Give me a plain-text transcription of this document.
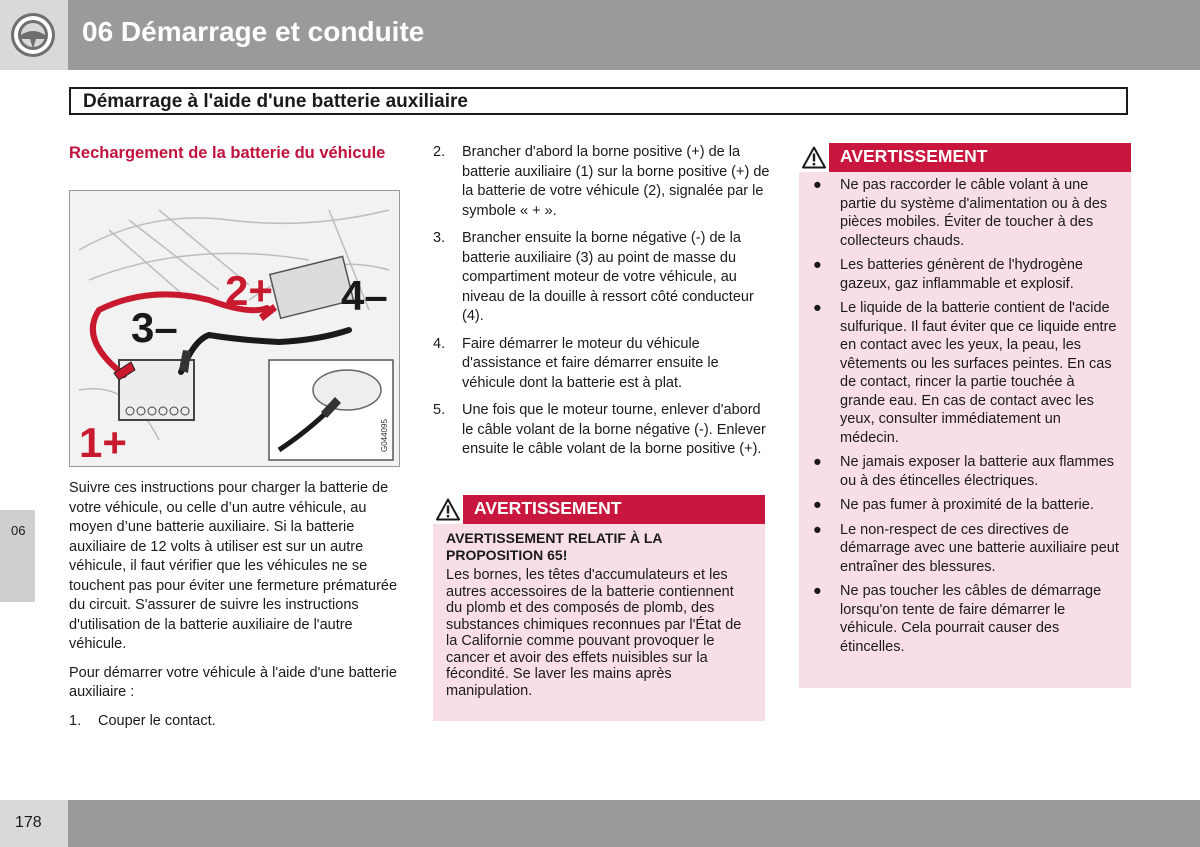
06 Démarrage et conduite
Démarrage à l'aide d'une batterie auxiliaire
Rechargement de la batterie du véhicule
1+
2+
3–
4–
G044095

Suivre ces instructions pour charger la batterie de votre véhicule, ou celle d’un autre véhicule, au moyen d’une batterie auxiliaire. Si la batterie auxiliaire de 12 volts à utiliser est sur un autre véhicule, il faut vérifier que les véhicules ne se touchent pas pour éviter une fermeture prématurée du circuit. S'assurer de suivre les instructions d'utilisation de la batterie auxiliaire de l'autre véhicule.

Pour démarrer votre véhicule à l'aide d'une batterie auxiliaire :

1. Couper le contact.
2. Brancher d'abord la borne positive (+) de la batterie auxiliaire (1) sur la borne positive (+) de la batterie de votre véhicule (2), signalée par le symbole « + ».
3. Brancher ensuite la borne négative (-) de la batterie auxiliaire (3) au point de masse du compartiment moteur de votre véhicule, au niveau de la douille à ressort côté conducteur (4).
4. Faire démarrer le moteur du véhicule d'assistance et faire démarrer ensuite le véhicule dont la batterie est à plat.
5. Une fois que le moteur tourne, enlever d'abord le câble volant de la borne négative (-). Enlever ensuite le câble volant de la borne positive (+).
AVERTISSEMENT
AVERTISSEMENT RELATIF À LA PROPOSITION 65!
Les bornes, les têtes d'accumulateurs et les autres accessoires de la batterie contiennent du plomb et des composés de plomb, des substances chimiques reconnues par l'État de la Californie comme pouvant provoquer le cancer et avoir des effets nuisibles sur la fécondité. Se laver les mains après manipulation.
AVERTISSEMENT
● Ne pas raccorder le câble volant à une partie du système d'alimentation ou à des pièces mobiles. Éviter de toucher à des collecteurs chauds.
● Les batteries génèrent de l'hydrogène gazeux, gaz inflammable et explosif.
● Le liquide de la batterie contient de l'acide sulfurique. Il faut éviter que ce liquide entre en contact avec les yeux, la peau, les vêtements ou les surfaces peintes. En cas de contact, rincer la partie touchée à grande eau. En cas de contact avec les yeux, consulter immédiatement un médecin.
● Ne jamais exposer la batterie aux flammes ou à des étincelles électriques.
● Ne pas fumer à proximité de la batterie.
● Le non-respect de ces directives de démarrage avec une batterie auxiliaire peut entraîner des blessures.
● Ne pas toucher les câbles de démarrage lorsqu'on tente de faire démarrer le véhicule. Cela pourrait causer des étincelles.
06
178
